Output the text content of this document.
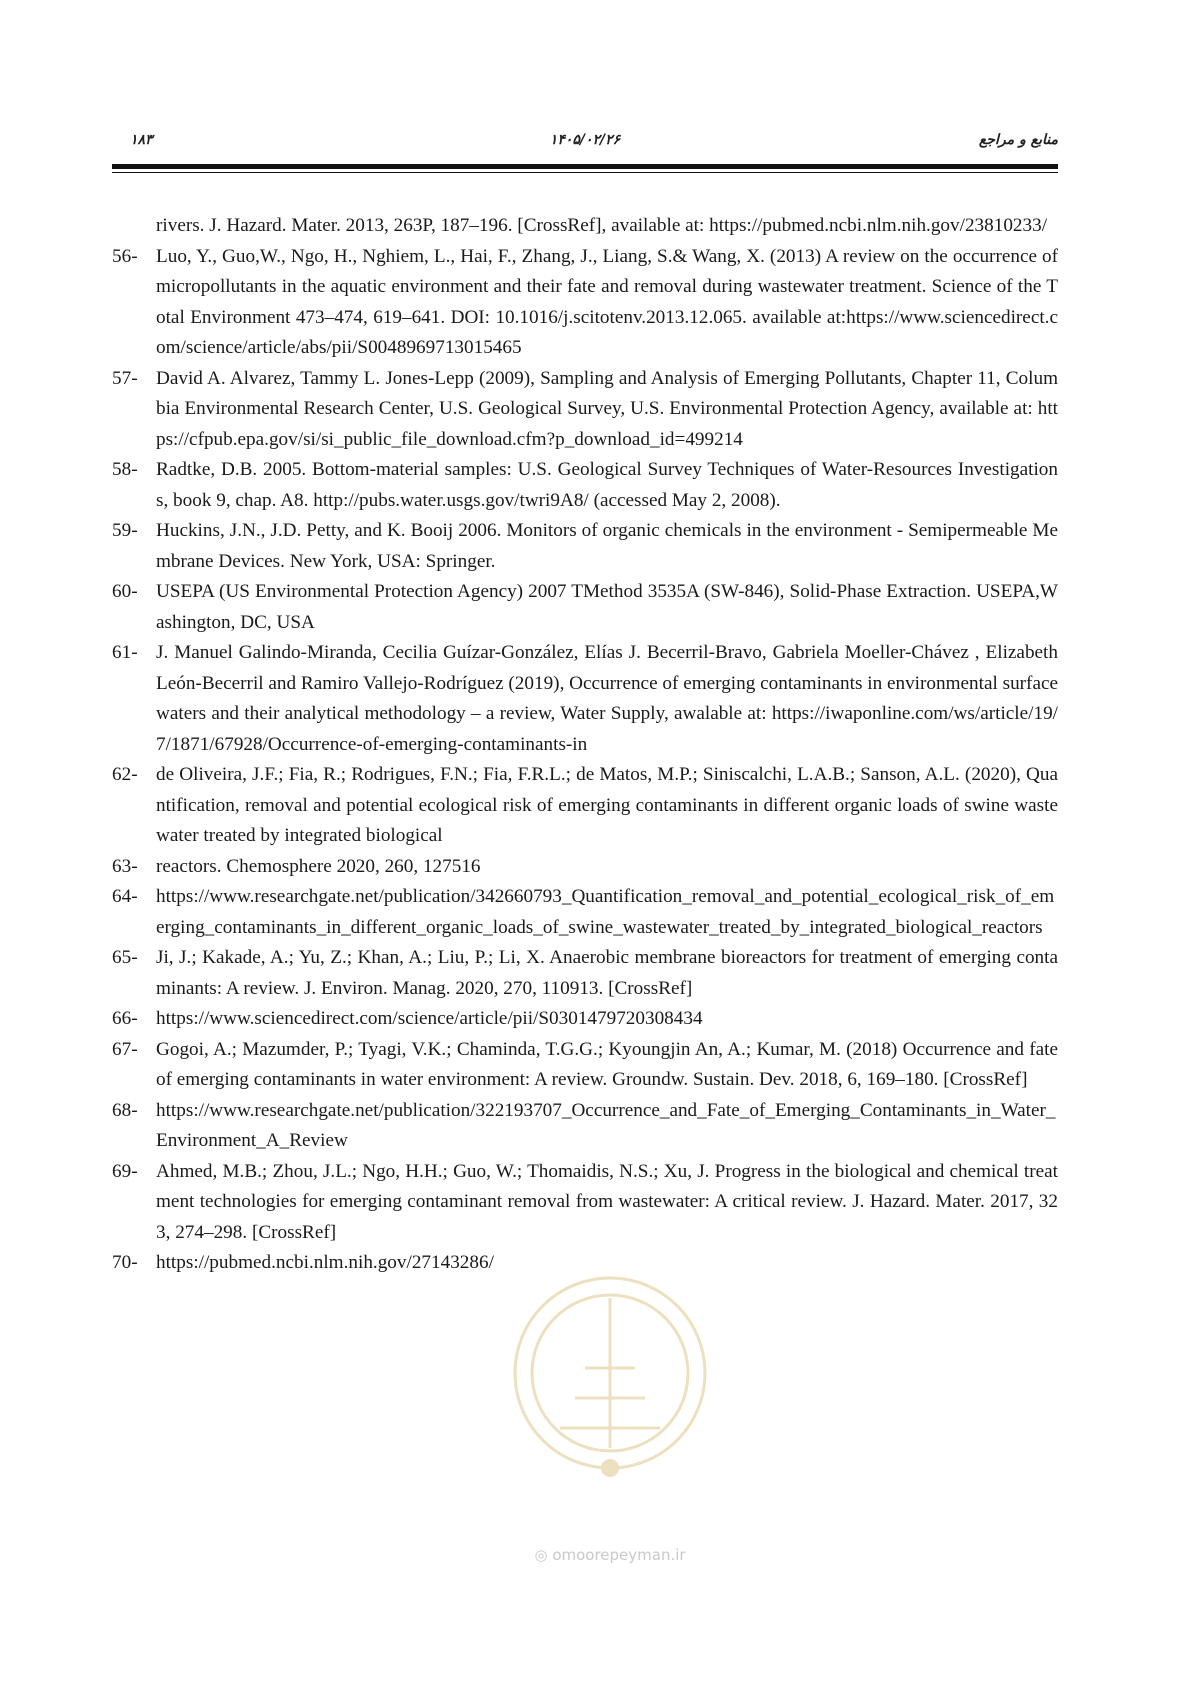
۱۸۳	۱۴۰۵/۰۲/۲۶	منابع و مراجع
rivers. J. Hazard. Mater. 2013, 263P, 187–196. [CrossRef], available at: https://pubmed.ncbi.nlm.nih.gov/23810233/
56- Luo, Y., Guo,W., Ngo, H., Nghiem, L., Hai, F., Zhang, J., Liang, S.& Wang, X. (2013) A review on the occurrence of micropollutants in the aquatic environment and their fate and removal during wastewater treatment. Science of the Total Environment 473–474, 619–641. DOI: 10.1016/j.scitotenv.2013.12.065. available at:https://www.sciencedirect.com/science/article/abs/pii/S0048969713015465
57- David A. Alvarez, Tammy L. Jones-Lepp (2009), Sampling and Analysis of Emerging Pollutants, Chapter 11, Columbia Environmental Research Center, U.S. Geological Survey, U.S. Environmental Protection Agency, available at: https://cfpub.epa.gov/si/si_public_file_download.cfm?p_download_id=499214
58- Radtke, D.B. 2005. Bottom-material samples: U.S. Geological Survey Techniques of Water-Resources Investigations, book 9, chap. A8. http://pubs.water.usgs.gov/twri9A8/ (accessed May 2, 2008).
59- Huckins, J.N., J.D. Petty, and K. Booij 2006. Monitors of organic chemicals in the environment - Semipermeable Membrane Devices. New York, USA: Springer.
60- USEPA (US Environmental Protection Agency) 2007 TMethod 3535A (SW-846), Solid-Phase Extraction. USEPA,Washington, DC, USA
61- J. Manuel Galindo-Miranda, Cecilia Guízar-González, Elías J. Becerril-Bravo, Gabriela Moeller-Chávez , Elizabeth León-Becerril and Ramiro Vallejo-Rodríguez (2019), Occurrence of emerging contaminants in environmental surface waters and their analytical methodology – a review, Water Supply, awalable at: https://iwaponline.com/ws/article/19/7/1871/67928/Occurrence-of-emerging-contaminants-in
62- de Oliveira, J.F.; Fia, R.; Rodrigues, F.N.; Fia, F.R.L.; de Matos, M.P.; Siniscalchi, L.A.B.; Sanson, A.L. (2020), Quantification, removal and potential ecological risk of emerging contaminants in different organic loads of swine wastewater treated by integrated biological
63- reactors. Chemosphere 2020, 260, 127516
64- https://www.researchgate.net/publication/342660793_Quantification_removal_and_potential_ecological_risk_of_emerging_contaminants_in_different_organic_loads_of_swine_wastewater_treated_by_integrated_biological_reactors
65- Ji, J.; Kakade, A.; Yu, Z.; Khan, A.; Liu, P.; Li, X. Anaerobic membrane bioreactors for treatment of emerging contaminants: A review. J. Environ. Manag. 2020, 270, 110913. [CrossRef]
66- https://www.sciencedirect.com/science/article/pii/S0301479720308434
67- Gogoi, A.; Mazumder, P.; Tyagi, V.K.; Chaminda, T.G.G.; Kyoungjin An, A.; Kumar, M. (2018) Occurrence and fate of emerging contaminants in water environment: A review. Groundw. Sustain. Dev. 2018, 6, 169–180. [CrossRef]
68- https://www.researchgate.net/publication/322193707_Occurrence_and_Fate_of_Emerging_Contaminants_in_Water_Environment_A_Review
69- Ahmed, M.B.; Zhou, J.L.; Ngo, H.H.; Guo, W.; Thomaidis, N.S.; Xu, J. Progress in the biological and chemical treatment technologies for emerging contaminant removal from wastewater: A critical review. J. Hazard. Mater. 2017, 323, 274–298. [CrossRef]
70- https://pubmed.ncbi.nlm.nih.gov/27143286/
◎ omoorepeyman.ir
